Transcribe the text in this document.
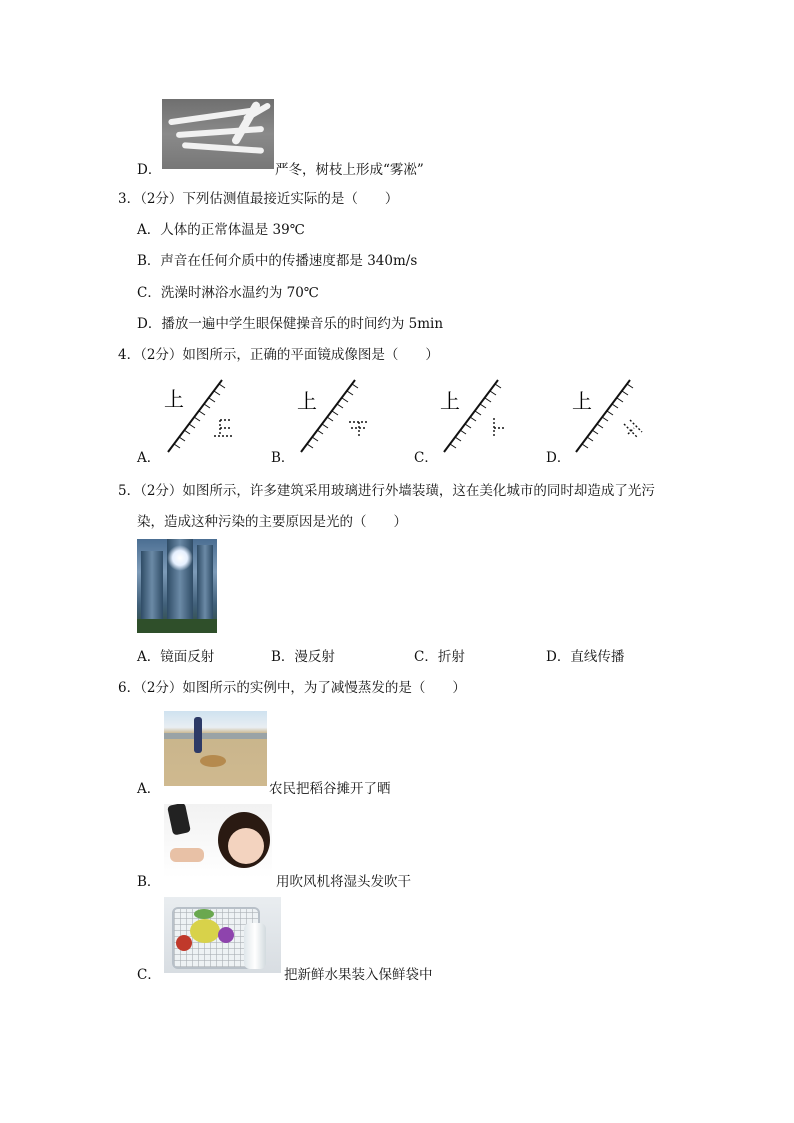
D．	严冬，树枝上形成“雾凇”
3．（2分）下列估测值最接近实际的是（　　）
A．人体的正常体温是 39℃
B．声音在任何介质中的传播速度都是 340m/s
C．洗澡时淋浴水温约为 70℃
D．播放一遍中学生眼保健操音乐的时间约为 5min
4．（2分）如图所示，正确的平面镜成像图是（　　）
A．
上
B．
上
C．
上
D．
上
5．（2分）如图所示，许多建筑采用玻璃进行外墙装璜，这在美化城市的同时却造成了光污
染，造成这种污染的主要原因是光的（　　）
A．镜面反射	B．漫反射	C．折射	D．直线传播
6．（2分）如图所示的实例中，为了减慢蒸发的是（　　）
A．	农民把稻谷摊开了晒
B．	用吹风机将湿头发吹干
C．	把新鲜水果装入保鲜袋中
